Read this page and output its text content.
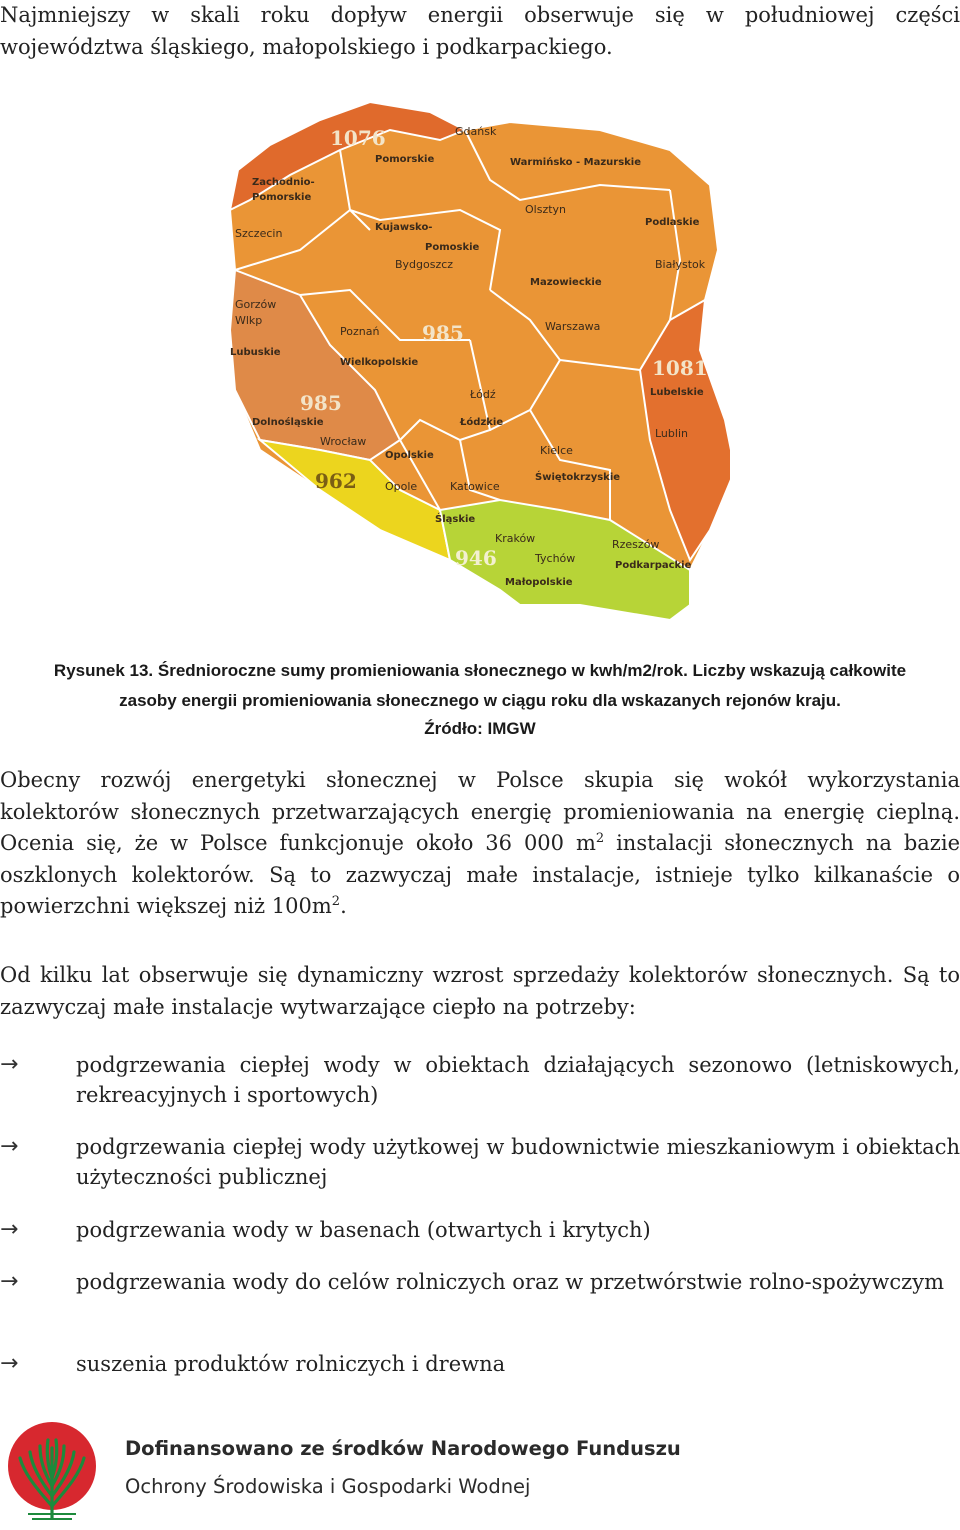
Najmniejszy w skali roku dopływ energii obserwuje się w południowej części województwa śląskiego, małopolskiego i podkarpackiego.

Pomorskie	Warmińsko - Mazurskie
Zachodnio-
Pomorskie
Kujawsko-
Pomoskie
Podlaskie
Mazowieckie
Lubuskie
Wielkopolskie
Lubelskie
Łódzkie
Dolnośląskie
Opolskie
Świętokrzyskie
Śląskie
Małopolskie
Podkarpackie
Gdańsk
Olsztyn
Szczecin
Bydgoszcz	Białystok
Gorzów
Wlkp
Poznań	Warszawa
Łódź
Lublin
Wrocław
Kielce
Opole	Katowice
Kraków
Tychów
Rzeszów
1076
985
985
1081
962
946
Rysunek 13. Średnioroczne sumy promieniowania słonecznego w kwh/m2/rok. Liczby wskazują całkowite
zasoby energii promieniowania słonecznego w ciągu roku dla wskazanych rejonów kraju.
Źródło: IMGW

Obecny rozwój energetyki słonecznej w Polsce skupia się wokół wykorzystania kolektorów słonecznych przetwarzających energię promieniowania na energię cieplną. Ocenia się, że w Polsce funkcjonuje około 36 000 $m^2$ instalacji słonecznych na bazie oszklonych kolektorów. Są to zazwyczaj małe instalacje, istnieje tylko kilkanaście o powierzchni większej niż $100m^2$.

Od kilku lat obserwuje się dynamiczny wzrost sprzedaży kolektorów słonecznych. Są to zazwyczaj małe instalacje wytwarzające ciepło na potrzeby:

→	podgrzewania ciepłej wody w obiektach działających sezonowo (letniskowych, rekreacyjnych i sportowych)
→	podgrzewania ciepłej wody użytkowej w budownictwie mieszkaniowym i obiektach użyteczności publicznej
→	podgrzewania wody w basenach (otwartych i krytych)
→	podgrzewania wody do celów rolniczych oraz w przetwórstwie rolno-spożywczym
→	suszenia produktów rolniczych i drewna
Dofinansowano ze środków Narodowego Funduszu
Ochrony Środowiska i Gospodarki Wodnej
